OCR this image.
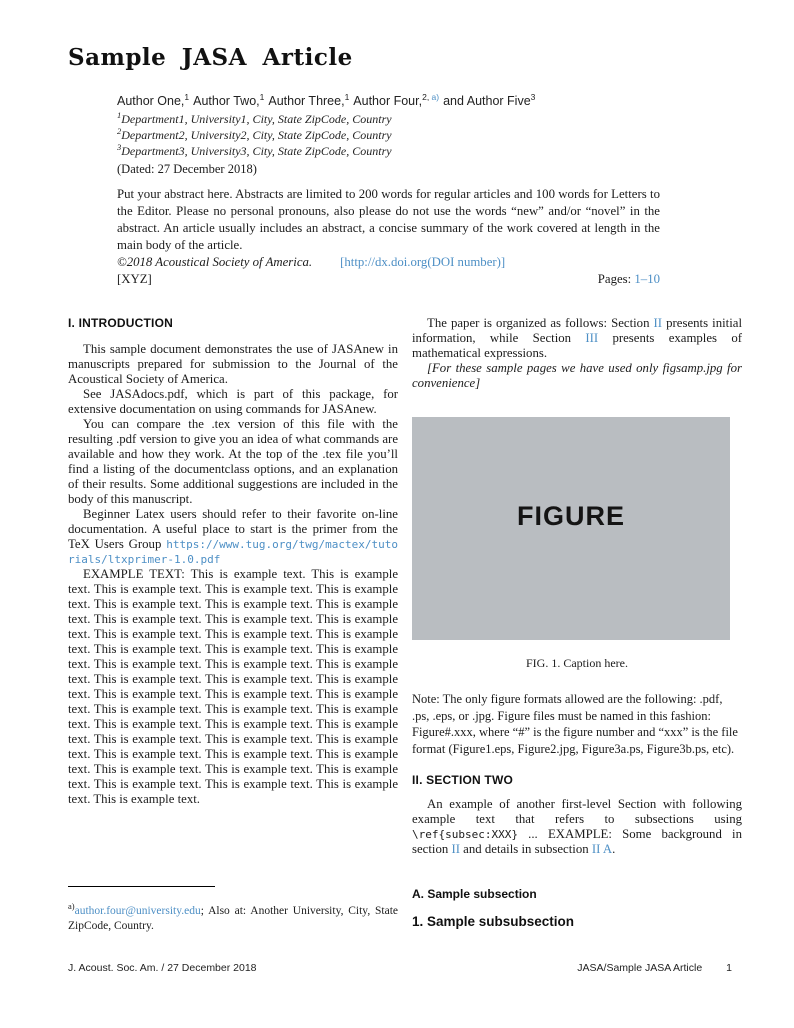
Sample JASA Article
Author One,$^1$ Author Two,$^1$ Author Three,$^1$ Author Four,$^{2, a)}$ and Author Five$^3$
$^1$Department1, University1, City, State ZipCode, Country
$^2$Department2, University2, City, State ZipCode, Country
$^3$Department3, University3, City, State ZipCode, Country
(Dated: 27 December 2018)
Put your abstract here. Abstracts are limited to 200 words for regular articles and 100 words for Letters to the Editor. Please no personal pronouns, also please do not use the words “new” and/or “novel” in the abstract. An article usually includes an abstract, a concise summary of the work covered at length in the main body of the article.
©2018 Acoustical Society of America. [http://dx.doi.org(DOI number)]
[XYZ]	Pages: 1–10
I. INTRODUCTION

This sample document demonstrates the use of JASAnew in manuscripts prepared for submission to the Journal of the Acoustical Society of America.

See JASAdocs.pdf, which is part of this package, for extensive documentation on using commands for JASAnew.

You can compare the .tex version of this file with the resulting .pdf version to give you an idea of what commands are available and how they work. At the top of the .tex file you’ll find a listing of the documentclass options, and an explanation of their results. Some additional suggestions are included in the body of this manuscript.

Beginner Latex users should refer to their favorite on-line documentation. A useful place to start is the primer from the TeX Users Group https://www.tug.org/twg/mactex/tutorials/ltxprimer-1.0.pdf

EXAMPLE TEXT: This is example text. This is example text. This is example text. This is example text. This is example text. This is example text. This is example text. This is example text. This is example text. This is example text. This is example text. This is example text. This is example text. This is example text. This is example text. This is example text. This is example text. This is example text. This is example text. This is example text. This is example text. This is example text. This is example text. This is example text. This is example text. This is example text. This is example text. This is example text. This is example text. This is example text. This is example text. This is example text. This is example text. This is example text. This is example text. This is example text. This is example text. This is example text. This is example text. This is example text. This is example text. This is example text. This is example text. This is example text. This is example text.

The paper is organized as follows: Section II presents initial information, while Section III presents examples of mathematical expressions.

[For these sample pages we have used only figsamp.jpg for convenience]

FIGURE
FIG. 1. Caption here.

Note: The only figure formats allowed are the following: .pdf, .ps, .eps, or .jpg. Figure files must be named in this fashion: Figure#.xxx, where “#” is the figure number and “xxx” is the file format (Figure1.eps, Figure2.jpg, Figure3a.ps, Figure3b.ps, etc).

II. SECTION TWO

An example of another first-level Section with following example text that refers to subsections using \ref{subsec:XXX} ... EXAMPLE: Some background in section II and details in subsection II A.

A. Sample subsection
1. Sample subsubsection
$^{a)}$author.four@university.edu; Also at: Another University, City, State ZipCode, Country.
J. Acoust. Soc. Am. / 27 December 2018	JASA/Sample JASA Article 1
